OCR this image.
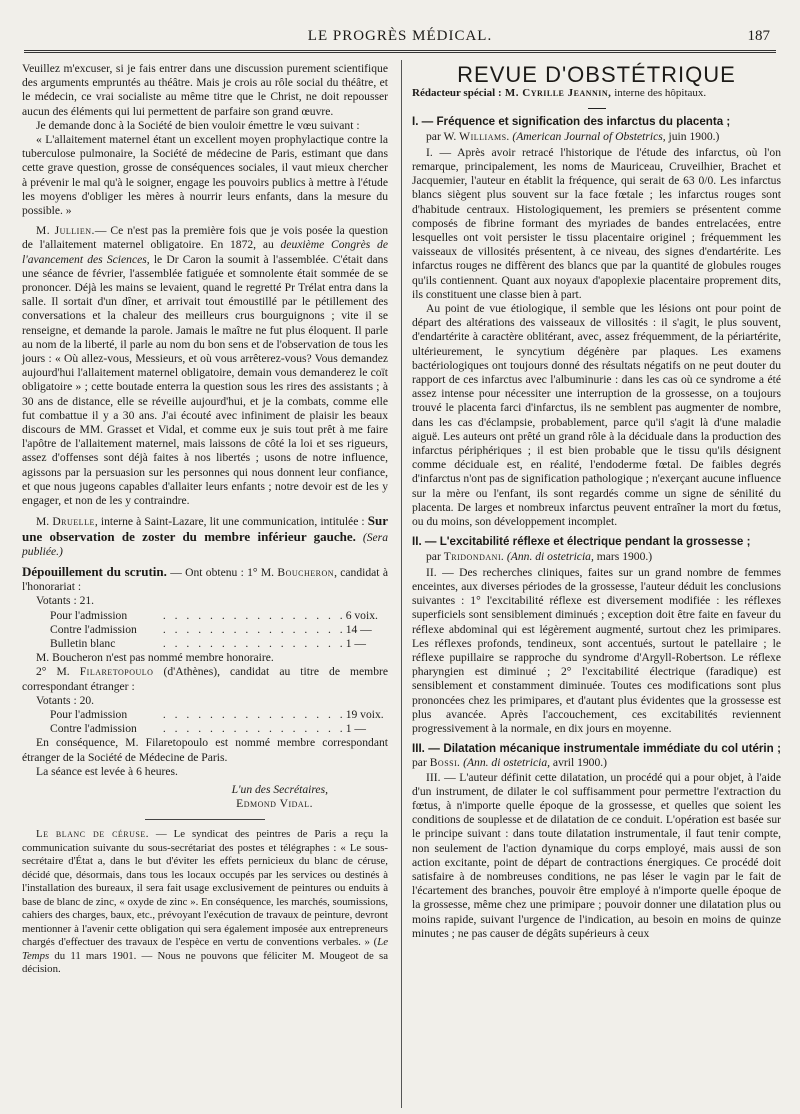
LE PROGRÈS MÉDICAL.	187

Veuillez m'excuser, si je fais entrer dans une discussion purement scientifique des arguments empruntés au théâtre. Mais je crois au rôle social du théâtre, et le médecin, ce vrai socialiste au même titre que le Christ, ne doit repousser aucun des éléments qui lui permettent de parfaire son grand œuvre.

Je demande donc à la Société de bien vouloir émettre le vœu suivant :

« L'allaitement maternel étant un excellent moyen prophylactique contre la tuberculose pulmonaire, la Société de médecine de Paris, estimant que dans cette grave question, grosse de conséquences sociales, il vaut mieux chercher à prévenir le mal qu'à le soigner, engage les pouvoirs publics à mettre à l'étude les moyens d'obliger les mères à nourrir leurs enfants, dans la mesure du possible. »

M. Jullien.— Ce n'est pas la première fois que je vois posée la question de l'allaitement maternel obligatoire. En 1872, au deuxième Congrès de l'avancement des Sciences, le Dr Caron la soumit à l'assemblée. C'était dans une séance de février, l'assemblée fatiguée et somnolente était sommée de se prononcer. Déjà les mains se levaient, quand le regretté Pr Trélat entra dans la salle. Il sortait d'un dîner, et arrivait tout émoustillé par le pétillement des conversations et la chaleur des meilleurs crus bourguignons ; vite il se renseigne, et demande la parole. Jamais le maître ne fut plus éloquent. Il parle au nom de la liberté, il parle au nom du bon sens et de l'observation de tous les jours : « Où allez-vous, Messieurs, et où vous arrêterez-vous? Vous demandez aujourd'hui l'allaitement maternel obligatoire, demain vous demanderez le coït obligatoire » ; cette boutade enterra la question sous les rires des assistants ; à 30 ans de distance, elle se réveille aujourd'hui, et je la combats, comme elle fut combattue il y a 30 ans. J'ai écouté avec infiniment de plaisir les beaux discours de MM. Grasset et Vidal, et comme eux je suis tout prêt à me faire l'apôtre de l'allaitement maternel, mais laissons de côté la loi et ses rigueurs, assez d'offenses sont déjà faites à nos libertés ; usons de notre influence, agissons par la persuasion sur les personnes qui nous donnent leur confiance, et que nous jugeons capables d'allaiter leurs enfants ; notre devoir est de les y engager, et non de les y contraindre.

M. Druelle, interne à Saint-Lazare, lit une communication, intitulée : Sur une observation de zoster du membre inférieur gauche. (Sera publiée.)

Dépouillement du scrutin. — Ont obtenu : 1° M. Boucheron, candidat à l'honorariat :

Votants : 21.

Pour l'admission	. . . . . . . . . . . . . . . . 6 voix.
Contre l'admission	. . . . . . . . . . . . . . . . 14 —
Bulletin blanc	. . . . . . . . . . . . . . . . 1 —

M. Boucheron n'est pas nommé membre honoraire.

2° M. Filaretopoulo (d'Athènes), candidat au titre de membre correspondant étranger :

Votants : 20.

Pour l'admission	. . . . . . . . . . . . . . . . 19 voix.
Contre l'admission	. . . . . . . . . . . . . . . . 1 —

En conséquence, M. Filaretopoulo est nommé membre correspondant étranger de la Société de Médecine de Paris.

La séance est levée à 6 heures.

L'un des Secrétaires,
Edmond Vidal.

Le blanc de céruse. — Le syndicat des peintres de Paris a reçu la communication suivante du sous-secrétariat des postes et télégraphes : « Le sous-secrétaire d'État a, dans le but d'éviter les effets pernicieux du blanc de céruse, décidé que, désormais, dans tous les locaux occupés par les services ou destinés à l'installation des bureaux, il sera fait usage exclusivement de peintures ou enduits à base de blanc de zinc, « oxyde de zinc ». En conséquence, les marchés, soumissions, cahiers des charges, baux, etc., prévoyant l'exécution de travaux de peinture, devront mentionner à l'avenir cette obligation qui sera également imposée aux entrepreneurs chargés d'effectuer des travaux de l'espèce en vertu de conventions verbales. » (Le Temps du 11 mars 1901. — Nous ne pouvons que féliciter M. Mougeot de sa décision.

REVUE D'OBSTÉTRIQUE
Rédacteur spécial : M. Cyrille Jeannin, interne des hôpitaux.

I. — Fréquence et signification des infarctus du placenta ;

par W. Williams. (American Journal of Obstetrics, juin 1900.)

I. — Après avoir retracé l'historique de l'étude des infarctus, où l'on remarque, principalement, les noms de Mauriceau, Cruveilhier, Brachet et Jacquemier, l'auteur en établit la fréquence, qui serait de 63 0/0. Les infarctus blancs siègent plus souvent sur la face fœtale ; les infarctus rouges sont d'habitude centraux. Histologiquement, les premiers se présentent comme composés de fibrine formant des myriades de bandes entrelacées, entre lesquelles ont voit persister le tissu placentaire originel ; fréquemment les vaisseaux de villosités présentent, à ce niveau, des signes d'endartérite. Les infarctus rouges ne diffèrent des blancs que par la quantité de globules rouges qu'ils contiennent. Quant aux noyaux d'apoplexie placentaire proprement dits, ils constituent une classe bien à part.

Au point de vue étiologique, il semble que les lésions ont pour point de départ des altérations des vaisseaux de villosités : il s'agit, le plus souvent, d'endartérite à caractère oblitérant, avec, assez fréquemment, de la périartérite, ultérieurement, le syncytium dégénère par plaques. Les examens bactériologiques ont toujours donné des résultats négatifs on ne peut douter du rapport de ces infarctus avec l'albuminurie : dans les cas où ce syndrome a été assez intense pour nécessiter une interruption de la grossesse, on a toujours trouvé le placenta farci d'infarctus, ils ne semblent pas augmenter de nombre, dans les cas d'éclampsie, probablement, parce qu'il s'agit là d'une maladie aiguë. Les auteurs ont prêté un grand rôle à la déciduale dans la production des infarctus périphériques ; il est bien probable que le tissu qu'ils désignent comme déciduale est, en réalité, l'endoderme fœtal. De faibles degrés d'infarctus n'ont pas de signification pathologique ; n'exerçant aucune influence sur la mère ou l'enfant, ils sont regardés comme un signe de sénilité du placenta. De larges et nombreux infarctus peuvent entraîner la mort du fœtus, ou du moins, son développement incomplet.

II. — L'excitabilité réflexe et électrique pendant la grossesse ;

par Tridondani. (Ann. di ostetricia, mars 1900.)

II. — Des recherches cliniques, faites sur un grand nombre de femmes enceintes, aux diverses périodes de la grossesse, l'auteur déduit les conclusions suivantes : 1° l'excitabilité réflexe est diversement modifiée : les réflexes superficiels sont sensiblement diminués ; exception doit être faite en faveur du réflexe abdominal qui est légèrement augmenté, surtout chez les primipares. Les réflexes profonds, tendineux, sont accentués, surtout le patellaire ; le réflexe pupillaire se rapproche du syndrome d'Argyll-Robertson. Le réflexe pharyngien est diminué ; 2° l'excitabilité électrique (faradique) est sensiblement et constamment diminuée. Toutes ces modifications sont plus prononcées chez les primipares, et d'autant plus évidentes que la grossesse est plus avancée. Après l'accouchement, ces excitabilités reviennent progressivement à la normale, en dix jours en moyenne.

III. — Dilatation mécanique instrumentale immédiate du col utérin ; par Bossi. (Ann. di ostetricia, avril 1900.)

III. — L'auteur définit cette dilatation, un procédé qui a pour objet, à l'aide d'un instrument, de dilater le col suffisamment pour permettre l'extraction du fœtus, à n'importe quelle époque de la grossesse, et quelles que soient les conditions de souplesse et de dilatation de ce conduit. L'opération est basée sur le principe suivant : dans toute dilatation instrumentale, il faut tenir compte, non seulement de l'action dynamique du corps employé, mais aussi de son action excitante, point de départ de contractions énergiques. Ce procédé doit satisfaire à de nombreuses conditions, ne pas léser le vagin par le fait de l'écartement des branches, pouvoir être employé à n'importe quelle époque de la grossesse, même chez une primipare ; pouvoir donner une dilatation plus ou moins rapide, suivant l'urgence de l'indication, au besoin en moins de quinze minutes ; ne pas causer de dégâts supérieurs à ceux
